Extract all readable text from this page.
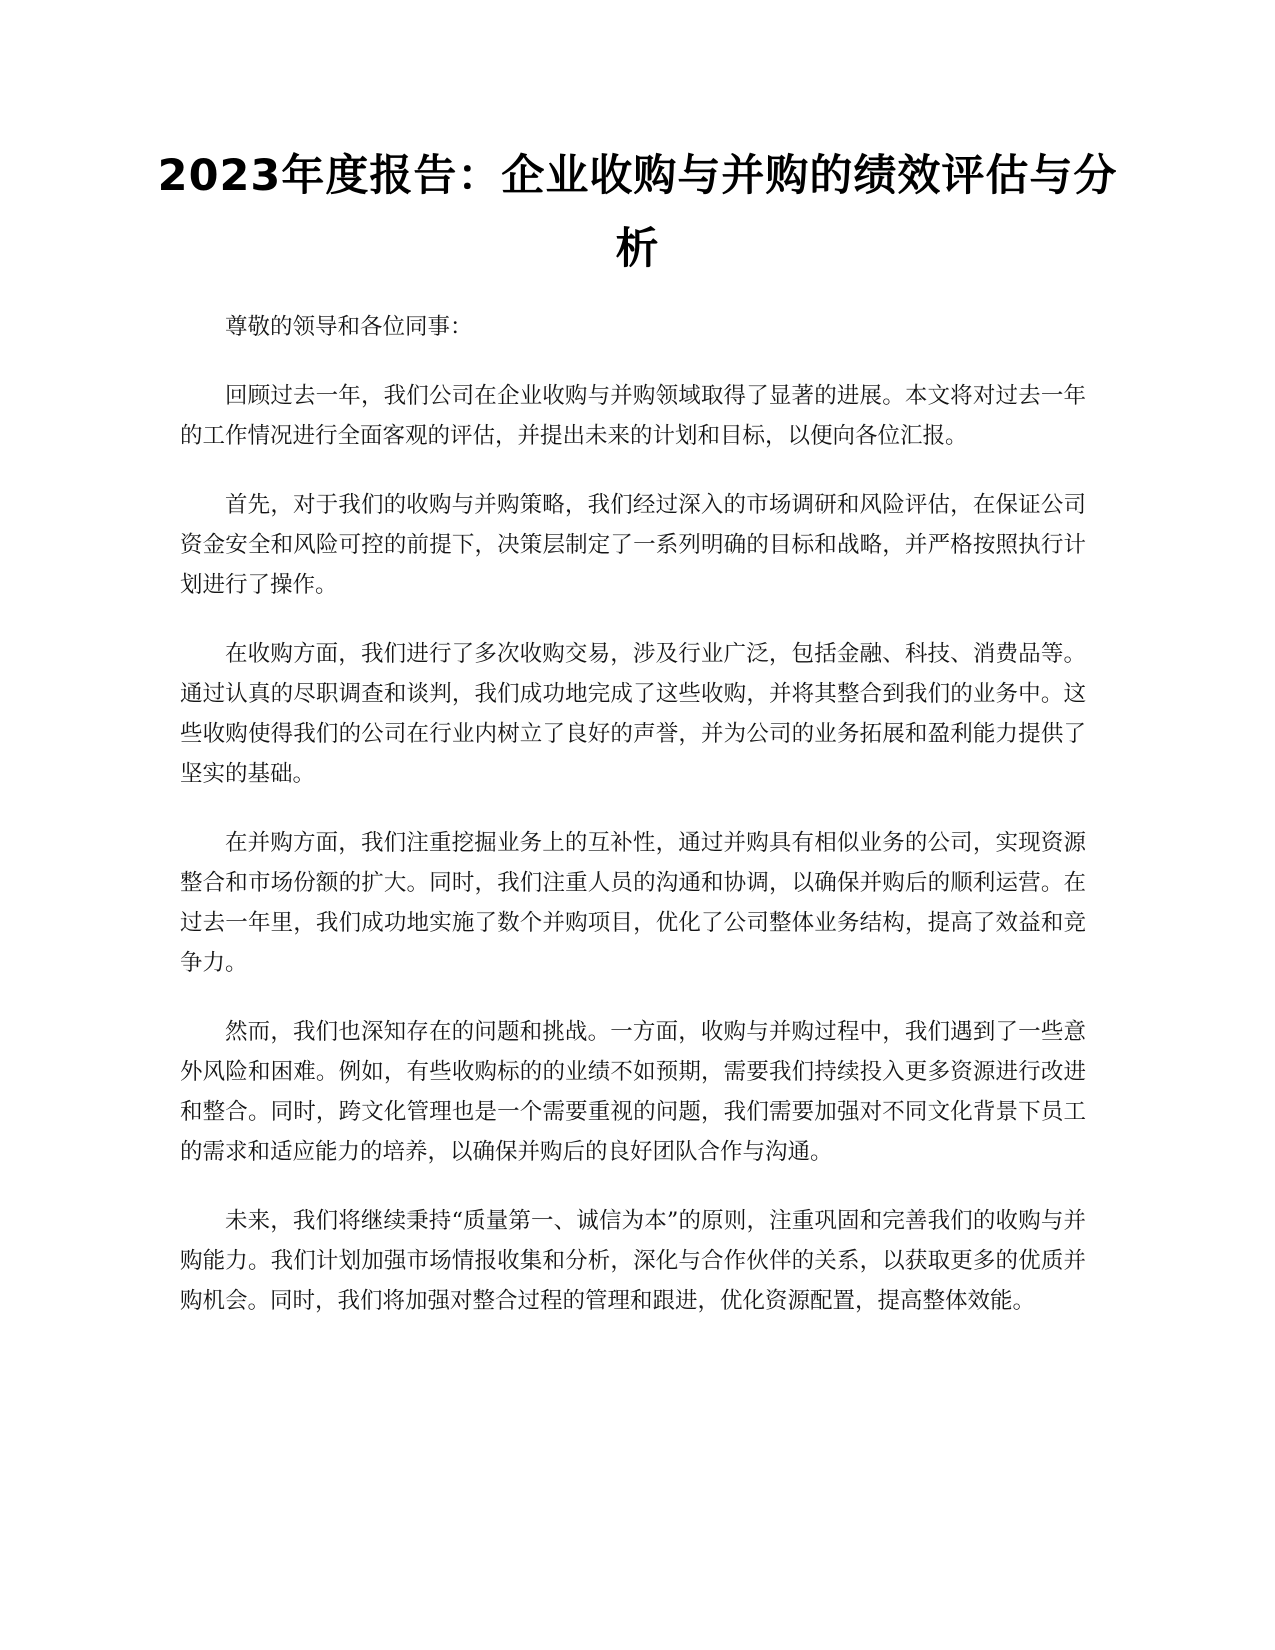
2023年度报告：企业收购与并购的绩效评估与分析

尊敬的领导和各位同事：

回顾过去一年，我们公司在企业收购与并购领域取得了显著的进展。本文将对过去一年的工作情况进行全面客观的评估，并提出未来的计划和目标，以便向各位汇报。

首先，对于我们的收购与并购策略，我们经过深入的市场调研和风险评估，在保证公司资金安全和风险可控的前提下，决策层制定了一系列明确的目标和战略，并严格按照执行计划进行了操作。

在收购方面，我们进行了多次收购交易，涉及行业广泛，包括金融、科技、消费品等。通过认真的尽职调查和谈判，我们成功地完成了这些收购，并将其整合到我们的业务中。这些收购使得我们的公司在行业内树立了良好的声誉，并为公司的业务拓展和盈利能力提供了坚实的基础。

在并购方面，我们注重挖掘业务上的互补性，通过并购具有相似业务的公司，实现资源整合和市场份额的扩大。同时，我们注重人员的沟通和协调，以确保并购后的顺利运营。在过去一年里，我们成功地实施了数个并购项目，优化了公司整体业务结构，提高了效益和竞争力。

然而，我们也深知存在的问题和挑战。一方面，收购与并购过程中，我们遇到了一些意外风险和困难。例如，有些收购标的的业绩不如预期，需要我们持续投入更多资源进行改进和整合。同时，跨文化管理也是一个需要重视的问题，我们需要加强对不同文化背景下员工的需求和适应能力的培养，以确保并购后的良好团队合作与沟通。

未来，我们将继续秉持“质量第一、诚信为本”的原则，注重巩固和完善我们的收购与并购能力。我们计划加强市场情报收集和分析，深化与合作伙伴的关系，以获取更多的优质并购机会。同时，我们将加强对整合过程的管理和跟进，优化资源配置，提高整体效能。
